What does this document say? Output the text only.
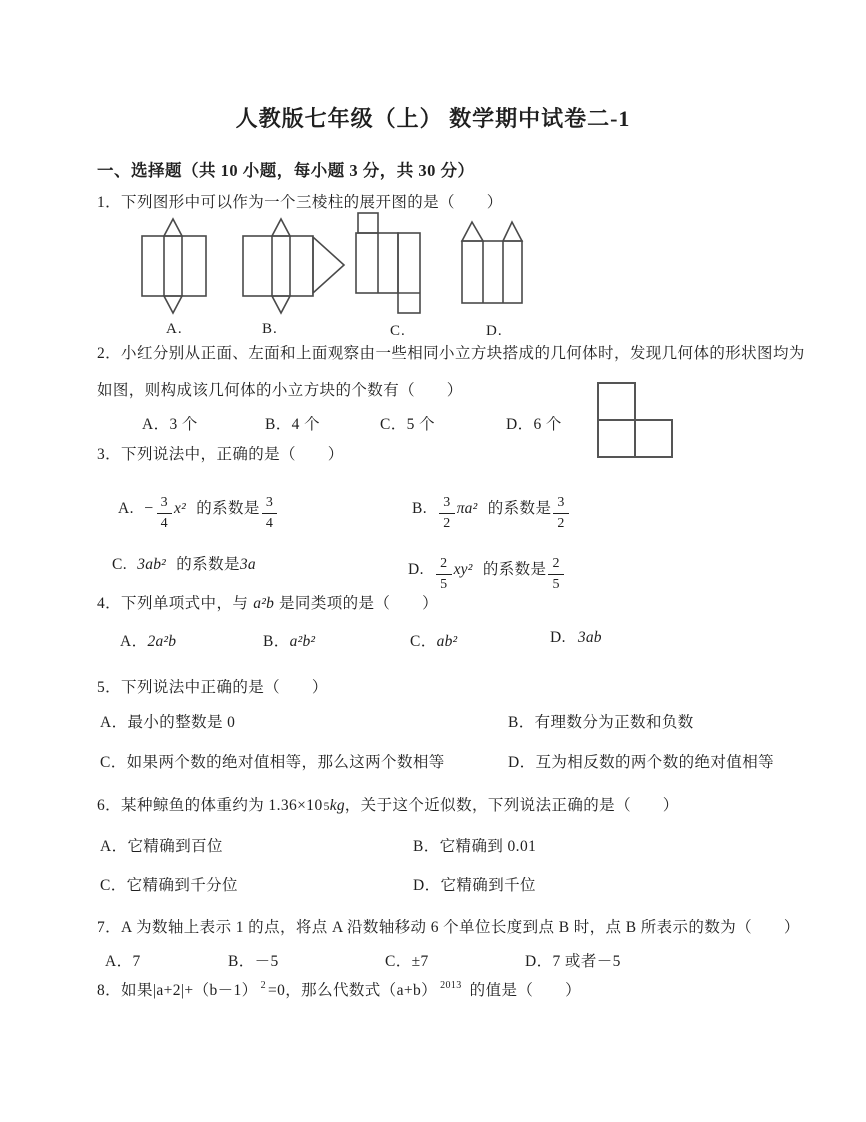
人教版七年级（上） 数学期中试卷二-1
一、选择题（共 10 小题，每小题 3 分，共 30 分）
1．下列图形中可以作为一个三棱柱的展开图的是（　　）
A.	B.	C.	D.
2．小红分别从正面、左面和上面观察由一些相同小立方块搭成的几何体时，发现几何体的形状图均为
如图，则构成该几何体的小立方块的个数有（　　）
A．3 个	B．4 个	C．5 个	D．6 个
3．下列说法中，正确的是（　　）
A. − $\frac{3}{4} x^2$ 的系数是 $\frac{3}{4}$	B. $\frac{3}{2} \pi a^2$ 的系数是 $\frac{3}{2}$
C. 3ab² 的系数是3a	D. $\frac{2}{5} xy^2$ 的系数是 $\frac{2}{5}$
4．下列单项式中，与 a²b 是同类项的是（　　）
A．2a²b	B．a²b²	C．ab²	D. 3ab
5．下列说法中正确的是（　　）
A．最小的整数是 0	B．有理数分为正数和负数
C．如果两个数的绝对值相等，那么这两个数相等	D．互为相反数的两个数的绝对值相等
6．某种鲸鱼的体重约为 1.36×105kg，关于这个近似数，下列说法正确的是（　　）
A．它精确到百位	B．它精确到 0.01
C．它精确到千分位	D．它精确到千位
7．A 为数轴上表示 1 的点，将点 A 沿数轴移动 6 个单位长度到点 B 时，点 B 所表示的数为（　　）
A．7	B．－5	C．±7	D．7 或者－5
8．如果|a+2|+（b－1） $^2$ =0，那么代数式（a+b） $^{2013}$ 的值是（　　）
